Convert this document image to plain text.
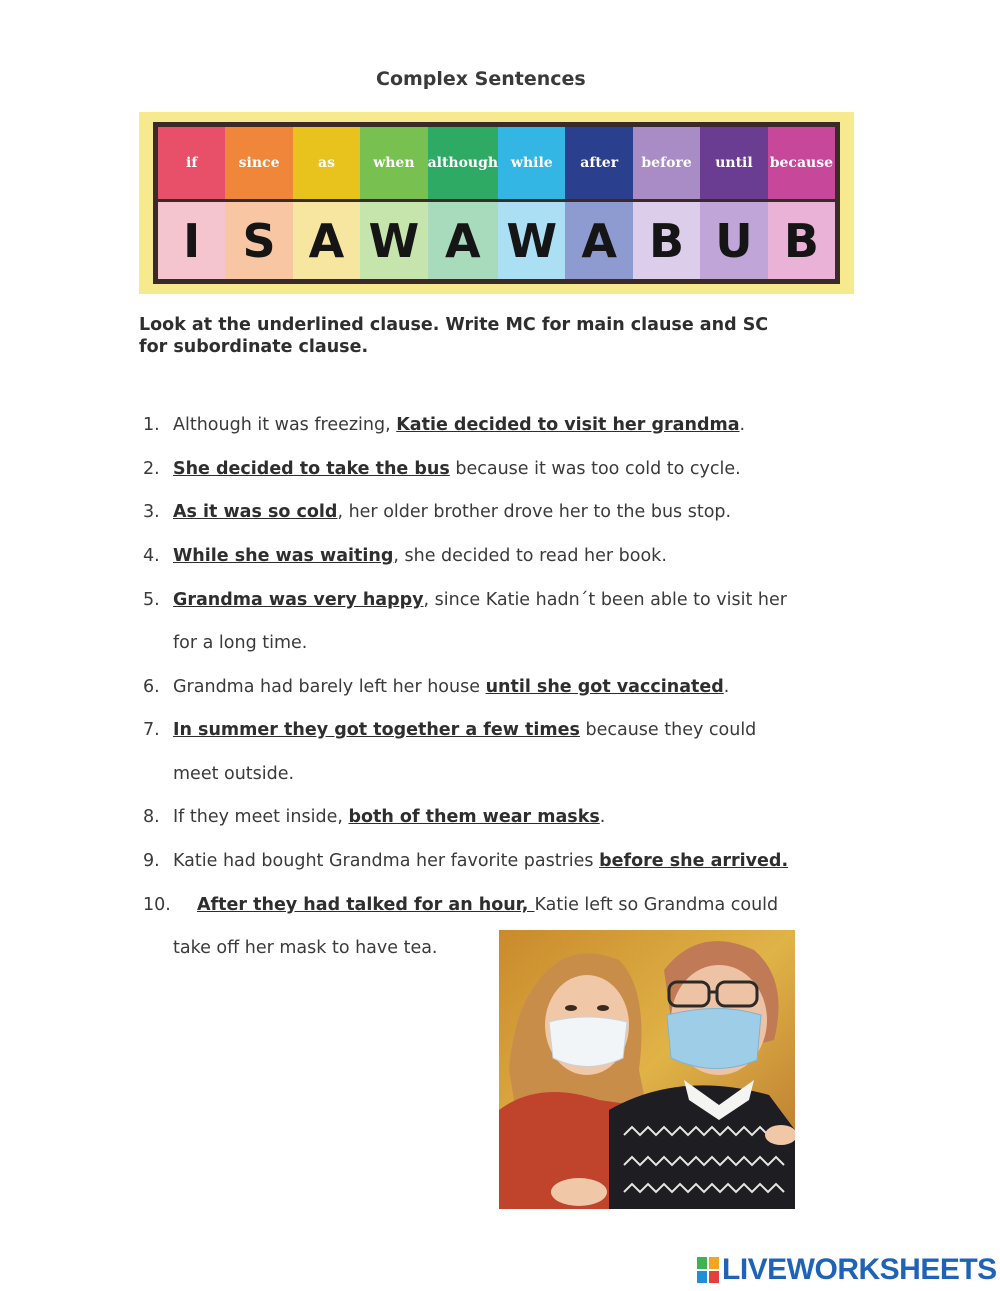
Complex Sentences
if
I
since
S
as
A
when
W
although
A
while
W
after
A
before
B
until
U
because
B
Look at the underlined clause. Write MC for main clause and SC for subordinate clause.
1. Although it was freezing, Katie decided to visit her grandma.
2. She decided to take the bus because it was too cold to cycle.
3. As it was so cold, her older brother drove her to the bus stop.
4. While she was waiting, she decided to read her book.
5. Grandma was very happy, since Katie hadn´t been able to visit her
for a long time.
6. Grandma had barely left her house until she got vaccinated.
7. In summer they got together a few times because they could
meet outside.
8. If they meet inside, both of them wear masks.
9. Katie had bought Grandma her favorite pastries before she arrived.
10. After they had talked for an hour, Katie left so Grandma could
take off her mask to have tea.
LIVEWORKSHEETS
